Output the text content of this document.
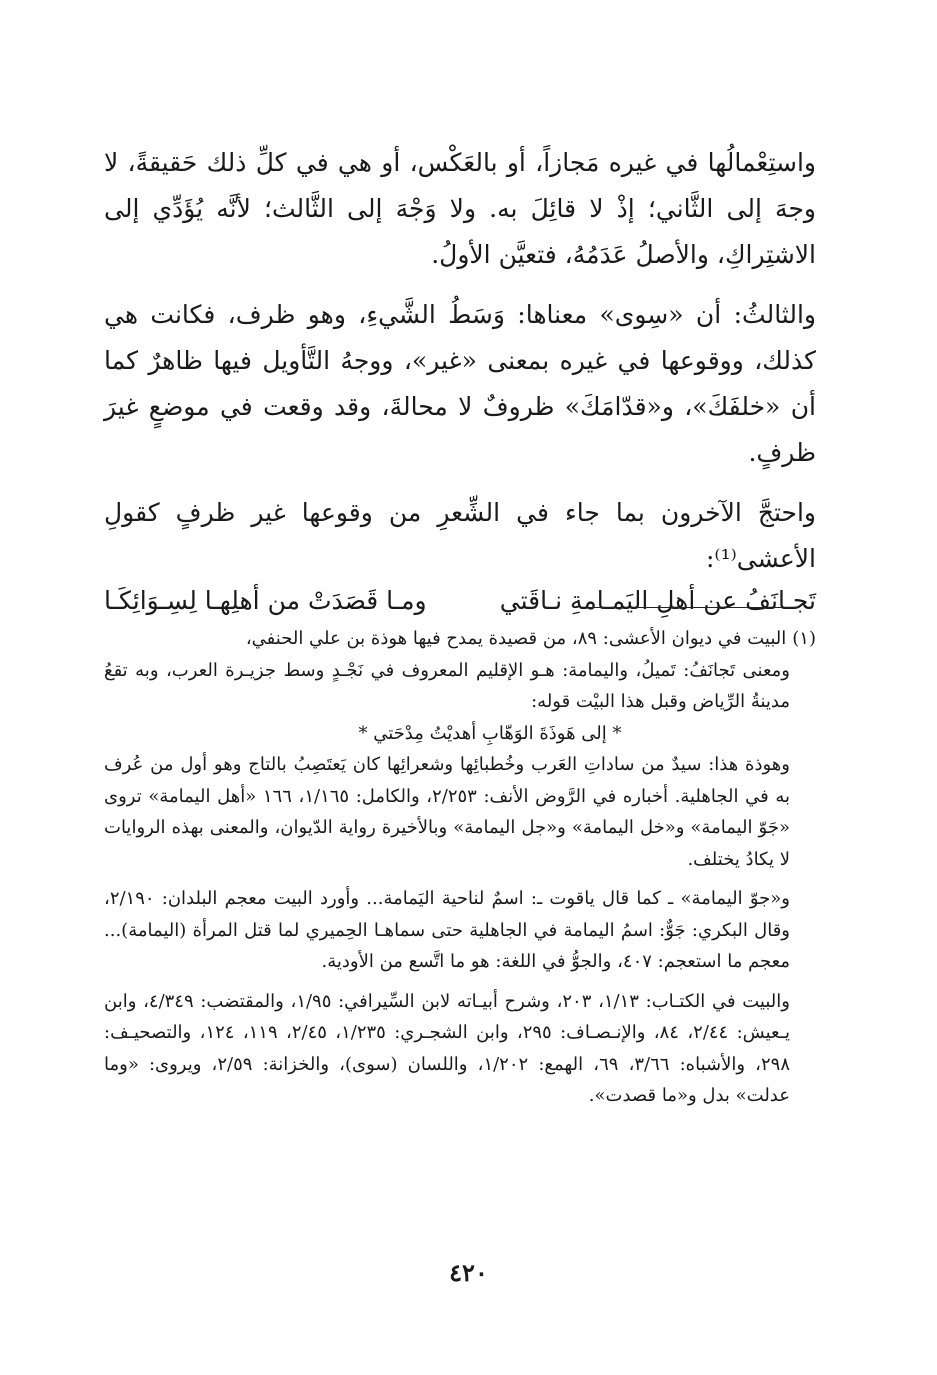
واستِعْمالُها في غيره مَجازاً، أو بالعَكْس، أو هي في كلِّ ذلك حَقيقةً، لا وجهَ إلى الثَّاني؛ إذْ لا قائِلَ به. ولا وَجْهَ إلى الثَّالث؛ لأنَّه يُؤَدِّي إلى الاشتِراكِ، والأصلُ عَدَمُهُ، فتعيَّن الأولُ.

والثالثُ: أن «سِوى» معناها: وَسَطُ الشَّيءِ، وهو ظرف، فكانت هي كذلك، ووقوعها في غيره بمعنى «غير»، ووجهُ التَّأويل فيها ظاهرٌ كما أن «خلفَكَ»، و«قدّامَكَ» ظروفٌ لا محالةَ، وقد وقعت في موضعٍ غيرَ ظرفٍ.

واحتجَّ الآخرون بما جاء في الشِّعرِ من وقوعها غير ظرفٍ كقولِ الأعشى⁽¹⁾:

تَجـانَفُ عن أهلِ اليَمـامةِ نـاقَتي
ومـا قَصَدَتْ من أهلِهـا لِسِـوَائِكَـا

(١)البيت في ديوان الأعشى: ٨٩، من قصيدة يمدح فيها هوذة بن علي الحنفي،

ومعنى تَجانَفُ: تَميلُ، واليمامة: هـو الإقليم المعروف في نَجْـدٍ وسط جزيـرة العرب، وبه تقعُ مدينةُ الرِّياض وقبل هذا البيْت قوله:

* إلى هَوذَةَ الوَهّابِ أهديْتُ مِدْحَتي *

وهوذة هذا: سيدٌ من ساداتِ العَرب وخُطبائِها وشعرائِها كان يَعتَصِبُ بالتاج وهو أول من عُرف به في الجاهلية. أخباره في الرَّوض الأنف: ٢/٢٥٣، والكامل: ١/١٦٥، ١٦٦ «أهل اليمامة» تروى «جَوّ اليمامة» و«خل اليمامة» و«جل اليمامة» وبالأخيرة رواية الدّيوان، والمعنى بهذه الروايات لا يكادُ يختلف.

و«جوّ اليمامة» ـ كما قال ياقوت ـ: اسمٌ لناحية اليَمامة... وأورد البيت معجم البلدان: ٢/١٩٠، وقال البكري: جَوٌّ: اسمُ اليمامة في الجاهلية حتى سماهـا الحِميري لما قتل المرأة (اليمامة)... معجم ما استعجم: ٤٠٧، والجوُّ في اللغة: هو ما اتَّسع من الأودية.

والبيت في الكتـاب: ١/١٣، ٢٠٣، وشرح أبيـاته لابن السِّيرافي: ١/٩٥، والمقتضب: ٤/٣٤٩، وابن يـعيش: ٢/٤٤، ٨٤، والإنـصـاف: ٢٩٥، وابن الشجـري: ١/٢٣٥، ٢/٤٥، ١١٩، ١٢٤، والتصحيـف: ٢٩٨، والأشباه: ٣/٦٦، ٦٩، الهمع: ١/٢٠٢، واللسان (سوى)، والخزانة: ٢/٥٩، ويروى: «وما عدلت» بدل و«ما قصدت».

٤٢٠
